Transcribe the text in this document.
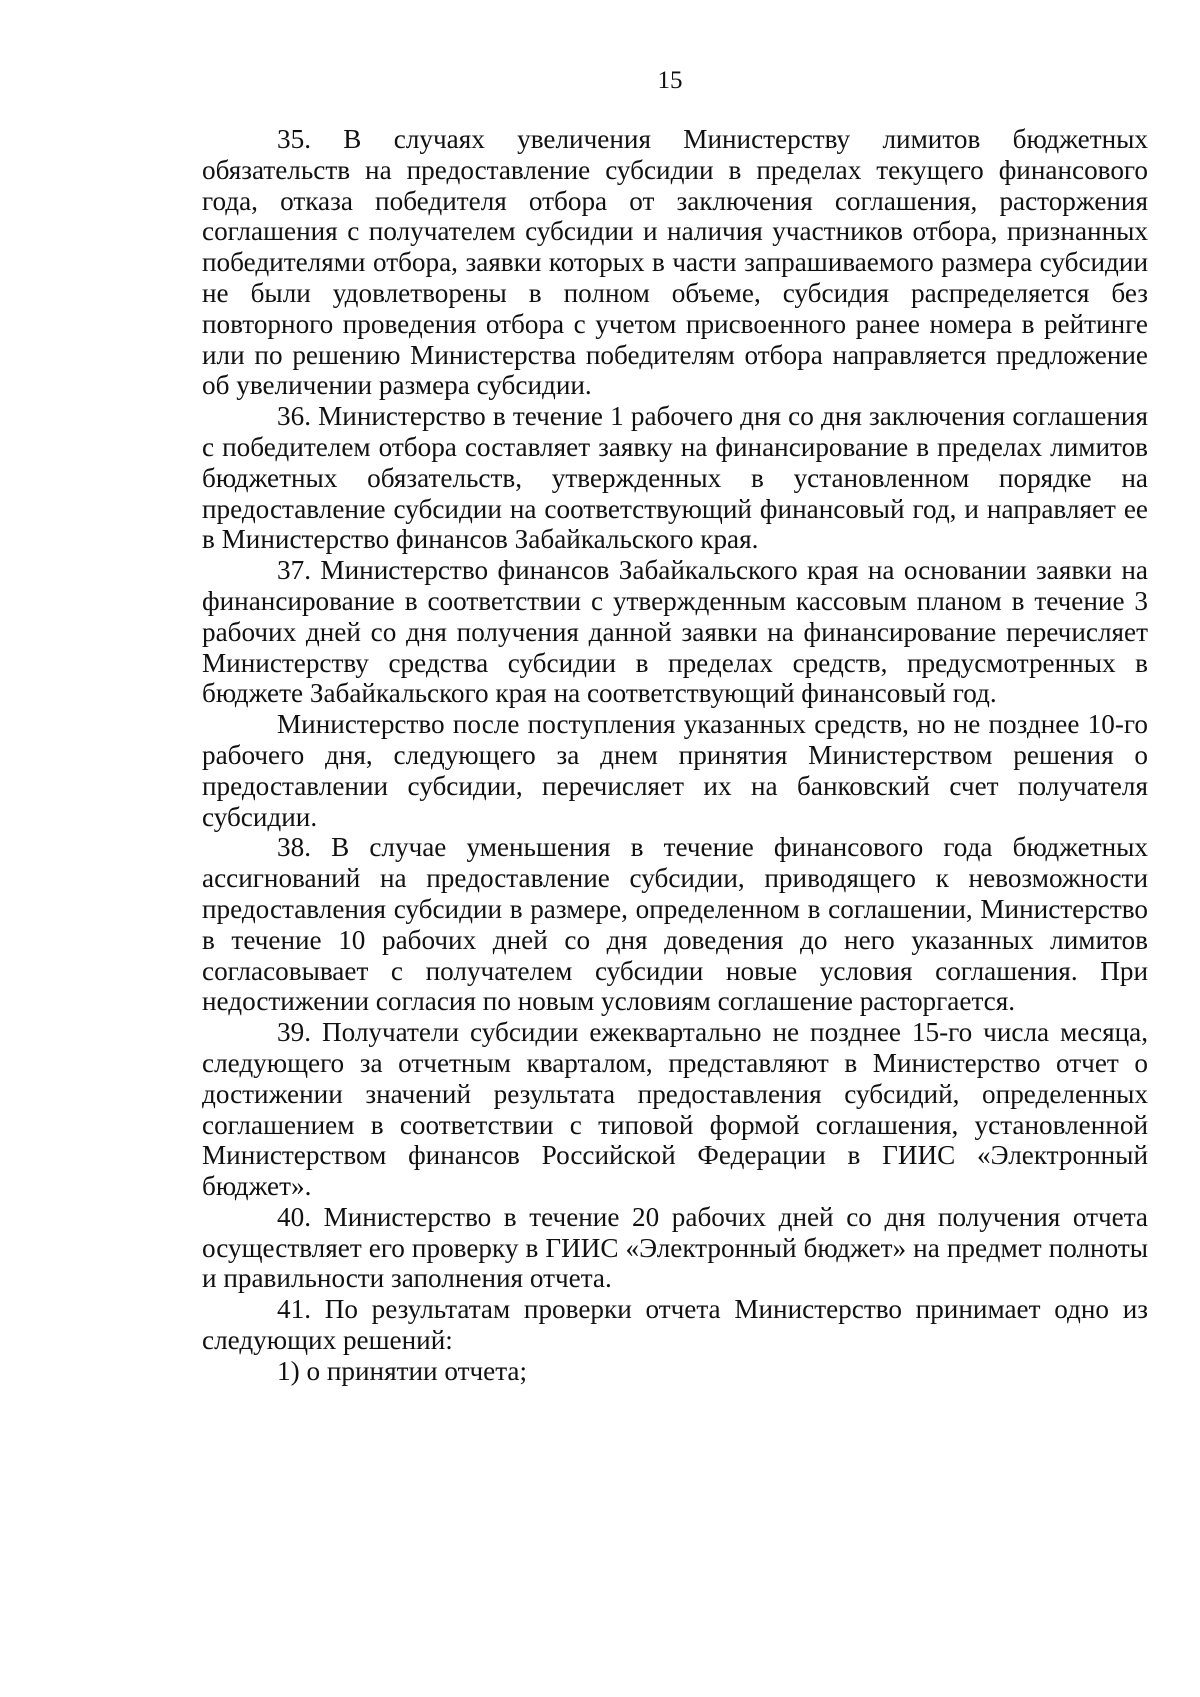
15

35. В случаях увеличения Министерству лимитов бюджетных обязательств на предоставление субсидии в пределах текущего финансового года, отказа победителя отбора от заключения соглашения, расторжения соглашения с получателем субсидии и наличия участников отбора, признанных победителями отбора, заявки которых в части запрашиваемого размера субсидии не были удовлетворены в полном объеме, субсидия распределяется без повторного проведения отбора с учетом присвоенного ранее номера в рейтинге или по решению Министерства победителям отбора направляется предложение об увеличении размера субсидии.

36. Министерство в течение 1 рабочего дня со дня заключения соглашения с победителем отбора составляет заявку на финансирование в пределах лимитов бюджетных обязательств, утвержденных в установленном порядке на предоставление субсидии на соответствующий финансовый год, и направляет ее в Министерство финансов Забайкальского края.

37. Министерство финансов Забайкальского края на основании заявки на финансирование в соответствии с утвержденным кассовым планом в течение 3 рабочих дней со дня получения данной заявки на финансирование перечисляет Министерству средства субсидии в пределах средств, предусмотренных в бюджете Забайкальского края на соответствующий финансовый год.

Министерство после поступления указанных средств, но не позднее 10-го рабочего дня, следующего за днем принятия Министерством решения о предоставлении субсидии, перечисляет их на банковский счет получателя субсидии.

38. В случае уменьшения в течение финансового года бюджетных ассигнований на предоставление субсидии, приводящего к невозможности предоставления субсидии в размере, определенном в соглашении, Министерство в течение 10 рабочих дней со дня доведения до него указанных лимитов согласовывает с получателем субсидии новые условия соглашения. При недостижении согласия по новым условиям соглашение расторгается.

39. Получатели субсидии ежеквартально не позднее 15-го числа месяца, следующего за отчетным кварталом, представляют в Министерство отчет о достижении значений результата предоставления субсидий, определенных соглашением в соответствии с типовой формой соглашения, установленной Министерством финансов Российской Федерации в ГИИС «Электронный бюджет».

40. Министерство в течение 20 рабочих дней со дня получения отчета осуществляет его проверку в ГИИС «Электронный бюджет» на предмет полноты и правильности заполнения отчета.

41. По результатам проверки отчета Министерство принимает одно из следующих решений:

1) о принятии отчета;
